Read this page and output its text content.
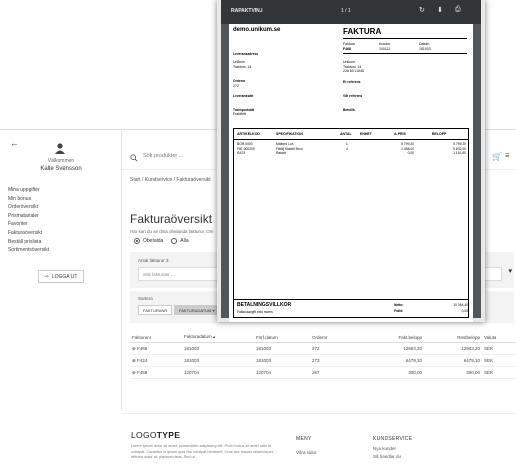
←
Välkommen
Kalle Svensson
Mina uppgifter
Min bonus
Orderöversikt
Prismatarialer
Favoriter
Fakturaöversikt
Beställ prislista
Sortimentsöversikt
⇨ LOGGA UT
Sök produkter ...
🛒 ☰
Start / Kundservice / Fakturaöversikt
Fakturaöversikt
Här kan du se dina ohelanda fakturor. Om
Obetalda	Alla
Antal fakturor 3
Sök fakturanr ...	▾
Sortera
FAKTURANR	FAKTURADATUM ▾
Fakturanr	Fakturadatum ▴	Förf.datum	Ordernr	Fakt.belopp	Restbelopp	Valuta
⊕ F468	181003	181003	272	12903,20	12903,20	SEK
⊕ F424	181003	181003	273	6479,10	6479,10	SEK
⊕ F458	120704	120704	267	300,00	300,00	SEK
LOGOTYPE
Lorem ipsum dolor sit amet, consectetur adipiscing elit. Proin luctus sit amet odio id volutpat. Curabitur in ipsum quis nisi volutpat hendrerit. Cras nec mauris ullamcorper, efficitur dolor at, placerat risus. Sed ut
MENY
Våra sidor
KUNDSERVICE
Nya kunder
Så handlar du
RAPAKTVIN.I	1 / 1	↻ ⬇ ⎙
demo.unikum.se	FAKTURA
Faktura	Kundnr	Datum
F468	100111	181003
Leveransadress
Unikum
Traktorv. 14
Unikum
Traktorv. 14
226 60 LUND
Ordernr
272
Er referens
Leveranssätt	Vår referens
Transportsätt
Fraktfritt
Betvillk.
ARTIKELKOD	SPECIFIKATION	ANTAL ENHET	A-PRIS	BELOPP
BOR-0000	Mattord Lux	1	5 799,20	5 799,20
FAT-000200	Fåtölj Modell Brun	4	1 458,00	5 832,00
RAT4	Rabatt	0,00	-1 151,60
BETALNINGSVILLKOR
Fakturaavgift exkl moms
Netto:	10 364,40
Frakt:	0,00
